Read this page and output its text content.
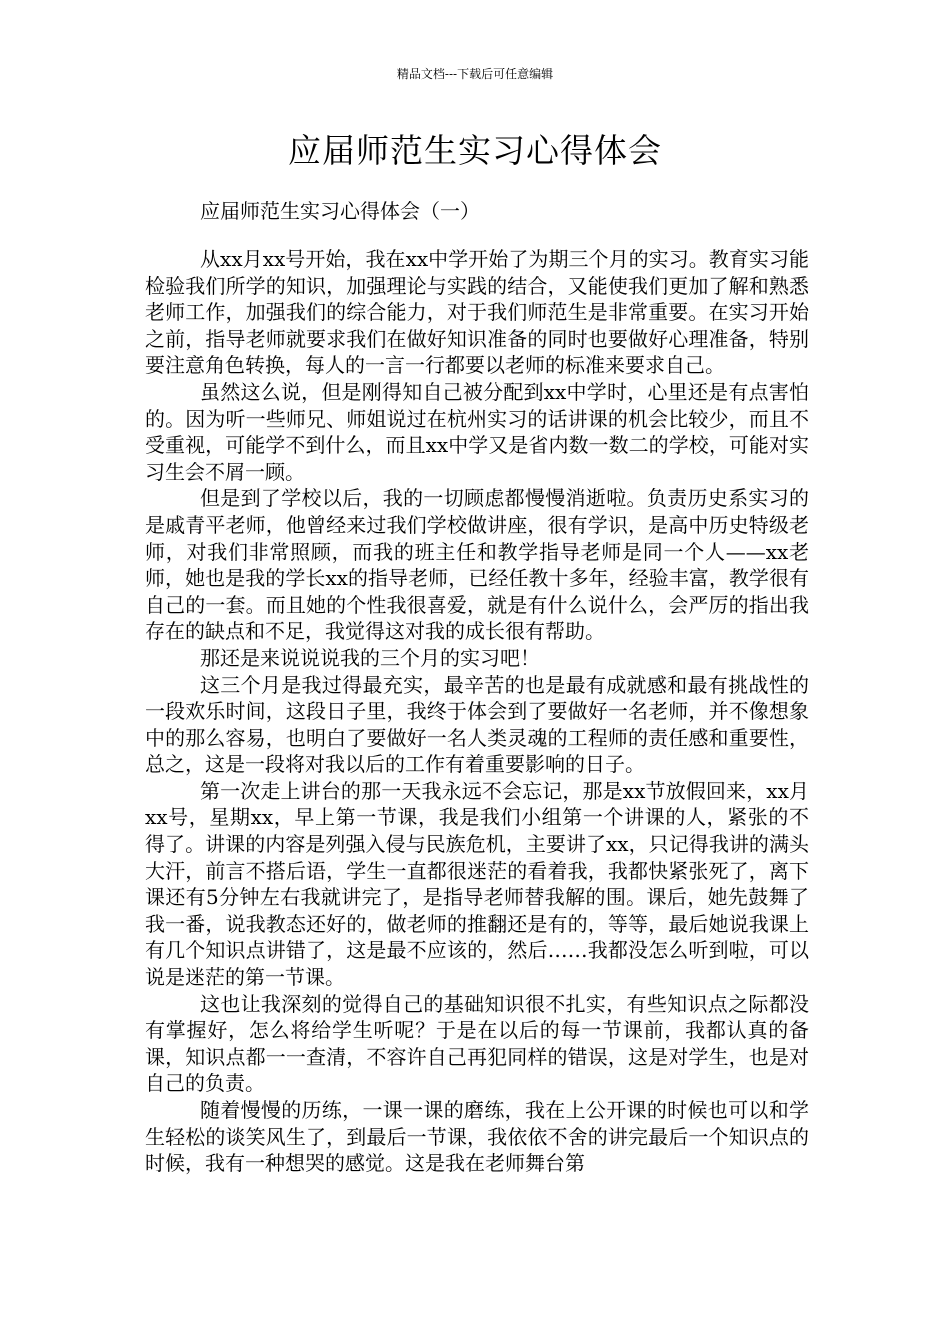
精品文档---下载后可任意编辑
应届师范生实习心得体会
应届师范生实习心得体会（一）

从xx月xx号开始，我在xx中学开始了为期三个月的实习。教育实习能检验我们所学的知识，加强理论与实践的结合，又能使我们更加了解和熟悉老师工作，加强我们的综合能力，对于我们师范生是非常重要。在实习开始之前，指导老师就要求我们在做好知识准备的同时也要做好心理准备，特别要注意角色转换，每人的一言一行都要以老师的标准来要求自己。

虽然这么说，但是刚得知自己被分配到xx中学时，心里还是有点害怕的。因为听一些师兄、师姐说过在杭州实习的话讲课的机会比较少，而且不受重视，可能学不到什么，而且xx中学又是省内数一数二的学校，可能对实习生会不屑一顾。

但是到了学校以后，我的一切顾虑都慢慢消逝啦。负责历史系实习的是戚青平老师，他曾经来过我们学校做讲座，很有学识，是高中历史特级老师，对我们非常照顾，而我的班主任和教学指导老师是同一个人——xx老师，她也是我的学长xx的指导老师，已经任教十多年，经验丰富，教学很有自己的一套。而且她的个性我很喜爱，就是有什么说什么，会严厉的指出我存在的缺点和不足，我觉得这对我的成长很有帮助。

那还是来说说说我的三个月的实习吧！

这三个月是我过得最充实，最辛苦的也是最有成就感和最有挑战性的一段欢乐时间，这段日子里，我终于体会到了要做好一名老师，并不像想象中的那么容易，也明白了要做好一名人类灵魂的工程师的责任感和重要性，总之，这是一段将对我以后的工作有着重要影响的日子。

第一次走上讲台的那一天我永远不会忘记，那是xx节放假回来，xx月xx号，星期xx，早上第一节课，我是我们小组第一个讲课的人，紧张的不得了。讲课的内容是列强入侵与民族危机，主要讲了xx，只记得我讲的满头大汗，前言不搭后语，学生一直都很迷茫的看着我，我都快紧张死了，离下课还有5分钟左右我就讲完了，是指导老师替我解的围。课后，她先鼓舞了我一番，说我教态还好的，做老师的推翻还是有的，等等，最后她说我课上有几个知识点讲错了，这是最不应该的，然后……我都没怎么听到啦，可以说是迷茫的第一节课。

这也让我深刻的觉得自己的基础知识很不扎实，有些知识点之际都没有掌握好，怎么将给学生听呢？于是在以后的每一节课前，我都认真的备课，知识点都一一查清，不容许自己再犯同样的错误，这是对学生，也是对自己的负责。

随着慢慢的历练，一课一课的磨练，我在上公开课的时候也可以和学生轻松的谈笑风生了，到最后一节课，我依依不舍的讲完最后一个知识点的时候，我有一种想哭的感觉。这是我在老师舞台第
